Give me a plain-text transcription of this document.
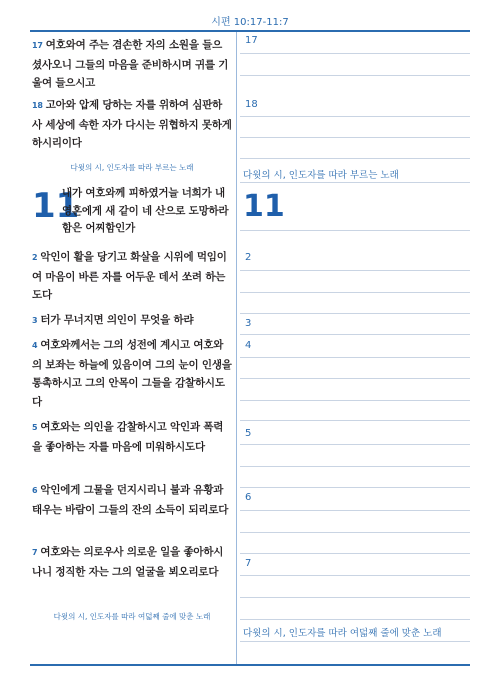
시편 10:17-11:7
17 여호와여 주는 겸손한 자의 소원을 들으셨사오니 그들의 마음을 준비하시며 귀를 기울여 들으시고
18 고아와 압제 당하는 자를 위하여 심판하사 세상에 속한 자가 다시는 위협하지 못하게 하시리이다
다윗의 시, 인도자를 따라 부르는 노래
11
내가 여호와께 피하였거늘 너희가 내 영혼에게 새 같이 네 산으로 도망하라 함은 어찌함인가
2 악인이 활을 당기고 화살을 시위에 먹임이여 마음이 바른 자를 어두운 데서 쏘려 하는도다
3 터가 무너지면 의인이 무엇을 하랴
4 여호와께서는 그의 성전에 계시고 여호와의 보좌는 하늘에 있음이여 그의 눈이 인생을 통촉하시고 그의 안목이 그들을 감찰하시도다
5 여호와는 의인을 감찰하시고 악인과 폭력을 좋아하는 자를 마음에 미워하시도다
6 악인에게 그물을 던지시리니 불과 유황과 태우는 바람이 그들의 잔의 소득이 되리로다
7 여호와는 의로우사 의로운 일을 좋아하시나니 정직한 자는 그의 얼굴을 뵈오리로다
다윗의 시, 인도자를 따라 여덟째 줄에 맞춘 노래
17
18
다윗의 시, 인도자를 따라 부르는 노래
11
2
3
4
5
6
7
다윗의 시, 인도자를 따라 여덟째 줄에 맞춘 노래
